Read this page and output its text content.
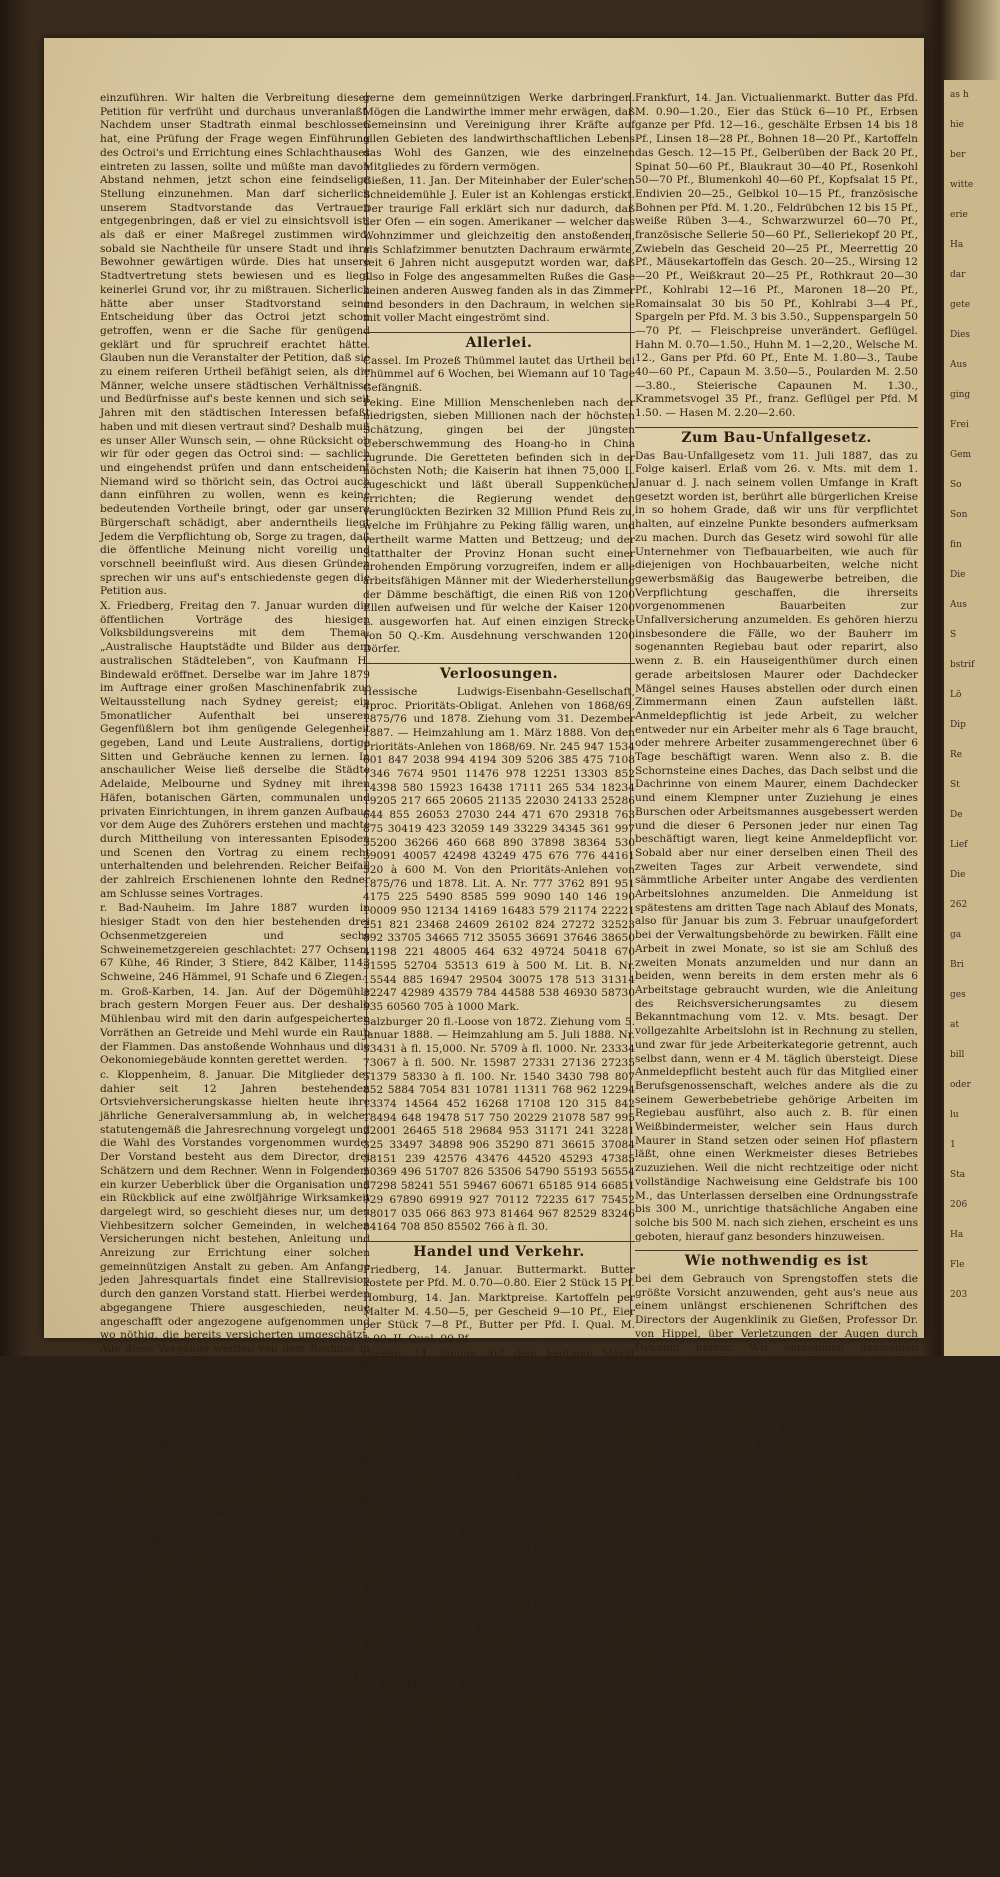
as h
hie
ber
witte
erie
Ha
dar
gete
Dies
Aus
ging
Frei
Gem
So
Son
fin
Die
Aus
S
bstrif
Lö
Dip
Re
St
De
Lief
Die
262
ga
Bri
ges
at
bill
oder
lu
1
Sta
206
Ha
Fle
203

einzuführen. Wir halten die Verbreitung dieser Petition für verfrüht und durchaus unveranlaßt. Nachdem unser Stadtrath einmal beschlossen hat, eine Prüfung der Frage wegen Einführung des Octroi's und Errichtung eines Schlachthauses eintreten zu lassen, sollte und müßte man davon Abstand nehmen, jetzt schon eine feindselige Stellung einzunehmen. Man darf sicherlich unserem Stadtvorstande das Vertrauen entgegenbringen, daß er viel zu einsichtsvoll ist, als daß er einer Maßregel zustimmen wird, sobald sie Nachtheile für unsere Stadt und ihre Bewohner gewärtigen würde. Dies hat unsere Stadtvertretung stets bewiesen und es liegt keinerlei Grund vor, ihr zu mißtrauen. Sicherlich hätte aber unser Stadtvorstand seine Entscheidung über das Octroi jetzt schon getroffen, wenn er die Sache für genügend geklärt und für spruchreif erachtet hätte. Glauben nun die Veranstalter der Petition, daß sie zu einem reiferen Urtheil befähigt seien, als die Männer, welche unsere städtischen Verhältnisse und Bedürfnisse auf's beste kennen und sich seit Jahren mit den städtischen Interessen befaßt haben und mit diesen vertraut sind? Deshalb muß es unser Aller Wunsch sein, — ohne Rücksicht ob wir für oder gegen das Octroi sind: — sachlich und eingehendst prüfen und dann entscheiden! Niemand wird so thöricht sein, das Octroi auch dann einführen zu wollen, wenn es keine bedeutenden Vortheile bringt, oder gar unsere Bürgerschaft schädigt, aber anderntheils liegt Jedem die Verpflichtung ob, Sorge zu tragen, daß die öffentliche Meinung nicht voreilig und vorschnell beeinflußt wird. Aus diesen Gründen sprechen wir uns auf's entschiedenste gegen die Petition aus.

X. Friedberg, Freitag den 7. Januar wurden die öffentlichen Vorträge des hiesigen Volksbildungsvereins mit dem Thema: „Australische Hauptstädte und Bilder aus dem australischen Städteleben“, von Kaufmann H. Bindewald eröffnet. Derselbe war im Jahre 1879 im Auftrage einer großen Maschinenfabrik zur Weltausstellung nach Sydney gereist; ein 5monatlicher Aufenthalt bei unseren Gegenfüßlern bot ihm genügende Gelegenheit gegeben, Land und Leute Australiens, dortige Sitten und Gebräuche kennen zu lernen. In anschaulicher Weise ließ derselbe die Städte Adelaide, Melbourne und Sydney mit ihren Häfen, botanischen Gärten, communalen und privaten Einrichtungen, in ihrem ganzen Aufbaue vor dem Auge des Zuhörers erstehen und machte durch Mittheilung von interessanten Episoden und Scenen den Vortrag zu einem recht unterhaltenden und belehrenden. Reicher Beifall der zahlreich Erschienenen lohnte den Redner am Schlusse seines Vortrages.

r. Bad-Nauheim. Im Jahre 1887 wurden in hiesiger Stadt von den hier bestehenden drei Ochsenmetzgereien und sechs Schweinemetzgereien geschlachtet: 277 Ochsen, 67 Kühe, 46 Rinder, 3 Stiere, 842 Kälber, 1143 Schweine, 246 Hämmel, 91 Schafe und 6 Ziegen.

m. Groß-Karben, 14. Jan. Auf der Dögemühle brach gestern Morgen Feuer aus. Der deshalb Mühlenbau wird mit den darin aufgespeicherten Vorräthen an Getreide und Mehl wurde ein Raub der Flammen. Das anstoßende Wohnhaus und die Oekonomiegebäude konnten gerettet werden.

c. Kloppenheim, 8. Januar. Die Mitglieder der dahier seit 12 Jahren bestehenden Ortsviehversicherungskasse hielten heute ihre jährliche Generalversammlung ab, in welcher statutengemäß die Jahresrechnung vorgelegt und die Wahl des Vorstandes vorgenommen wurde. Der Vorstand besteht aus dem Director, drei Schätzern und dem Rechner. Wenn in Folgendem ein kurzer Ueberblick über die Organisation und ein Rückblick auf eine zwölfjährige Wirksamkeit dargelegt wird, so geschieht dieses nur, um den Viehbesitzern solcher Gemeinden, in welchen Versicherungen nicht bestehen, Anleitung und Anreizung zur Errichtung einer solchen gemeinnützigen Anstalt zu geben. Am Anfange jeden Jahresquartals findet eine Stallrevision durch den ganzen Vorstand statt. Hierbei werden abgegangene Thiere ausgeschieden, neue angeschafft oder angezogene aufgenommen und wo nöthig, die bereits versicherten umgeschätzt. Alle diese Vorgänge werden von dem Rechner in dem Gesammt-Verzeichniß vermerkt. Jeder Versicherte hat einen Auszug aus diesem Hauptverzeichniß in Händen, in welchem er seine einzelnen Thiere, nach Art, Farbe und sonstigen Kennzeichen, Alter und Schätzungswerth ausgezeichnet findet. Auf Grund dieser Quartalschätzung wird das Heberegister von dem Rechner aufgestellt und dem Director angemeldet. Diese Einrichtung der Vorerhebung empfiehlt sich deßwegen, weil dann immer Geld in der Kasse ist und Schadenfälle sofort bezahlt werden können. Nacherhebungen führen zu Unzuträglichkeiten. Die während des Quartals angeschafften Thiere werden sofort aufgenommen. Die Schadenfälle werden durch den Vorstand geregelt; bei einem Totalschaden werden 4/5 des im Hauptverzeichniß stehenden Taxationswerthes ausbezahlt, desgleichen bei Thieren, welche wegen Unheilbarkeit zu Gunsten der Kasse verwerthet werden müssen. Rechts-Streitigkeiten sind statutenmäßig ausgeschlossen. Nach einer zwölfjährigen Erfahrung haben wir alle Schäden prompt berichtigt durch vierteljährige Erhebung von 1/2 Procent der Versicherungs-Summe, also jährlich 2 Procent und dabei hatten wir immer einen Kassenvorrath, der verzinslich angelegt ist. Es ist gewiß ein geringer Betrag sich durch Zahlung von jährlich 2 Procent vor größeren Verlusten zu versichern und, sofern man selbst keinen Schaden erlitten, ein gern gebrachtes Opfer, um den Verlust seines Versicherungsgenossen mittragen zu helfen. Die Geschäfte des Vorstandes mit Ausnahme des Rechners, der für die Besorgung der schriftlichen Arbeiten, Erhebung der Beiträge u. s. w. jährlich 20 Mark erhält, werden unentgeltlich besorgt. Ehre diesen Männern, die Zeit und Mühe

gerne dem gemeinnützigen Werke darbringen. Mögen die Landwirthe immer mehr erwägen, daß Gemeinsinn und Vereinigung ihrer Kräfte auf allen Gebieten des landwirthschaftlichen Lebens das Wohl des Ganzen, wie des einzelnen Mitgliedes zu fördern vermögen.

Gießen, 11. Jan. Der Miteinhaber der Euler'schen Schneidemühle J. Euler ist an Kohlengas erstickt. Der traurige Fall erklärt sich nur dadurch, daß der Ofen — ein sogen. Amerikaner — welcher das Wohnzimmer und gleichzeitig den anstoßenden, als Schlafzimmer benutzten Dachraum erwärmte, seit 6 Jahren nicht ausgeputzt worden war, daß also in Folge des angesammelten Rußes die Gase keinen anderen Ausweg fanden als in das Zimmer und besonders in den Dachraum, in welchen sie mit voller Macht eingeströmt sind.

Allerlei.

Cassel. Im Prozeß Thümmel lautet das Urtheil bei Thümmel auf 6 Wochen, bei Wiemann auf 10 Tage Gefängniß.

Peking. Eine Million Menschenleben nach der niedrigsten, sieben Millionen nach der höchsten Schätzung, gingen bei der jüngsten Ueberschwemmung des Hoang-ho in China zugrunde. Die Geretteten befinden sich in der höchsten Noth; die Kaiserin hat ihnen 75,000 L. zugeschickt und läßt überall Suppenküchen errichten; die Regierung wendet den verunglückten Bezirken 32 Million Pfund Reis zu, welche im Frühjahre zu Peking fällig waren, und vertheilt warme Matten und Bettzeug; und der Statthalter der Provinz Honan sucht einer drohenden Empörung vorzugreifen, indem er alle arbeitsfähigen Männer mit der Wiederherstellung der Dämme beschäftigt, die einen Riß von 1200 Ellen aufweisen und für welche der Kaiser 1200 L. ausgeworfen hat. Auf einen einzigen Strecke von 50 Q.-Km. Ausdehnung verschwanden 1200 Dörfer.

Verloosungen.

Hessische Ludwigs-Eisenbahn-Gesellschaft, 4proc. Prioritäts-Obligat. Anlehen von 1868/69, 1875/76 und 1878. Ziehung vom 31. Dezember 1887. — Heimzahlung am 1. März 1888. Von den Prioritäts-Anlehen von 1868/69. Nr. 245 947 1534 601 847 2038 994 4194 309 5206 385 475 7108 7346 7674 9501 11476 978 12251 13303 852 14398 580 15923 16438 17111 265 534 18234 19205 217 665 20605 21135 22030 24133 25286 644 855 26053 27030 244 471 670 29318 763 875 30419 423 32059 149 33229 34345 361 997 35200 36266 460 668 890 37898 38364 530 39091 40057 42498 43249 475 676 776 44161 520 à 600 M. Von den Prioritäts-Anlehen von 1875/76 und 1878. Lit. A. Nr. 777 3762 891 951 4175 225 5490 8585 599 9090 140 146 190 10009 950 12134 14169 16483 579 21174 22221 251 821 23468 24609 26102 824 27272 32523 892 33705 34665 712 35055 36691 37646 38650 41198 221 48005 464 632 49724 50418 670 51595 52704 53513 619 à 500 M. Lit. B. Nr. 15544 885 16947 29504 30075 178 513 31314 32247 42989 43579 784 44588 538 46930 58730 935 60560 705 à 1000 Mark.

Salzburger 20 fl.-Loose von 1872. Ziehung vom 5. Januar 1888. — Heimzahlung am 5. Juli 1888. Nr. 53431 à fl. 15,000. Nr. 5709 à fl. 1000. Nr. 23334 73067 à fl. 500. Nr. 15987 27331 27136 27235 51379 58330 à fl. 100. Nr. 1540 3430 798 807 852 5884 7054 831 10781 11311 768 962 12294 13374 14564 452 16268 17108 120 315 842 18494 648 19478 517 750 20229 21078 587 995 22001 26465 518 29684 953 31171 241 32281 325 33497 34898 906 35290 871 36615 37084 38151 239 42576 43476 44520 45293 47385 50369 496 51707 826 53506 54790 55193 56554 57298 58241 551 59467 60671 65185 914 66851 929 67890 69919 927 70112 72235 617 75452 78017 035 066 863 973 81464 967 82529 83246 84164 708 850 85502 766 à fl. 30.

Handel und Verkehr.

Friedberg, 14. Januar. Buttermarkt. Butter kostete per Pfd. M. 0.70—0.80. Eier 2 Stück 15 Pf.

Homburg, 14. Jan. Marktpreise. Kartoffeln per Malter M. 4.50—5, per Gescheid 9—10 Pf., Eier per Stück 7—8 Pf., Butter per Pfd. I. Qual. M. 1.00, II. Qual. 90 Pf.

Gießen, 14. Januar. Auf dem heutigen Markt kostete Butter per Pfd. M. 0.70—0.80, Eier per St. 7—8 Pf., Käse per St. 4—7 Pf., Tauben per Paar 0.50—0.70 M., Hühner per St. M. 0.90—1.30, Hahnen per St. M. 1.20 bis 1.50, Enten per St. M. 1.40—1.80, Gänse per Pfd. 50—60 Pf., Ochsenfleisch per Pfd. 58—60 Pf., Kuh- und Rindfleisch 45—50 Pf., Schweinefleisch 58 bis 60 Pf., Hammelfleisch 40—60 Pf., Kalbfleisch 40—48 Pf., Kartoffeln per 100 Kilo M. 4.00—4.80, Weißkraut Stück 5—10 Pf., Zwiebeln per Ctr. M. 8.00—10.00.

Frankfurt, 12. Jan. Der heutige Kälbermarkt war von 443 Kälbern befahren. Die Preise für 1 Pfd. Schlachtgewicht waren 45—55 Pf.

Frankfurt, 13. Jan. Heu- und Strohmarkt. Heu kosteten 100 Kilo M. 7.20—8, Stroh 100 Kilo M. 4.70 bis 4.90. — Victualien-Engrosmarkt. Butter 50 Kilo M. 80 bis 90., Eier das Hundert M. 5.50—9., Kartoffeln 100 Kilo M. 5—5.50., Mäusekartoffeln 50 Kilo M. 12—15., Erbsen 100 Kilo M. 18—21.50., geschälte M. 20—30., Linsen M. 28—45., Bohnen M. 21—25., Weißkraut 50 Kilo M. 7—8., Zwiebeln 50 Kilo M. 9—10., Mohrrüben 50 Kilo M. 6—8., Kastanien M. 12—15., Maronen M. 18., Blumenkohl das Hundert M. 30—50., Knoblauch 100 Stück M. 2.80., Orangen 100 Stück M. 8—10., Citronen 100 Stück M. 10—12., hiesige Spargeln per das Pfd. M. 3—3.50., Suppenspargeln 50—70 Pf., Meerrettig 100 Stück M. 15.

Frankfurt, 14. Jan. Victualienmarkt. Butter das Pfd. M. 0.90—1.20., Eier das Stück 6—10 Pf., Erbsen ganze per Pfd. 12—16., geschälte Erbsen 14 bis 18 Pf., Linsen 18—28 Pf., Bohnen 18—20 Pf., Kartoffeln das Gesch. 12—15 Pf., Gelberüben der Back 20 Pf., Spinat 50—60 Pf., Blaukraut 30—40 Pf., Rosenkohl 50—70 Pf., Blumenkohl 40—60 Pf., Kopfsalat 15 Pf., Endivien 20—25., Gelbkol 10—15 Pf., französische Bohnen per Pfd. M. 1.20., Feldrübchen 12 bis 15 Pf., weiße Rüben 3—4., Schwarzwurzel 60—70 Pf., französische Sellerie 50—60 Pf., Selleriekopf 20 Pf., Zwiebeln das Gescheid 20—25 Pf., Meerrettig 20 Pf., Mäusekartoffeln das Gesch. 20—25., Wirsing 12—20 Pf., Weißkraut 20—25 Pf., Rothkraut 20—30 Pf., Kohlrabi 12—16 Pf., Maronen 18—20 Pf., Romainsalat 30 bis 50 Pf., Kohlrabi 3—4 Pf., Spargeln per Pfd. M. 3 bis 3.50., Suppenspargeln 50—70 Pf. — Fleischpreise unverändert. Geflügel. Hahn M. 0.70—1.50., Huhn M. 1—2,20., Welsche M. 12., Gans per Pfd. 60 Pf., Ente M. 1.80—3., Taube 40—60 Pf., Capaun M. 3.50—5., Poularden M. 2.50—3.80., Steierische Capaunen M. 1.30., Krammetsvogel 35 Pf., franz. Geflügel per Pfd. M 1.50. — Hasen M. 2.20—2.60.

Zum Bau-Unfallgesetz.

Das Bau-Unfallgesetz vom 11. Juli 1887, das zu Folge kaiserl. Erlaß vom 26. v. Mts. mit dem 1. Januar d. J. nach seinem vollen Umfange in Kraft gesetzt worden ist, berührt alle bürgerlichen Kreise in so hohem Grade, daß wir uns für verpflichtet halten, auf einzelne Punkte besonders aufmerksam zu machen. Durch das Gesetz wird sowohl für alle Unternehmer von Tiefbauarbeiten, wie auch für diejenigen von Hochbauarbeiten, welche nicht gewerbsmäßig das Baugewerbe betreiben, die Verpflichtung geschaffen, die ihrerseits vorgenommenen Bauarbeiten zur Unfallversicherung anzumelden. Es gehören hierzu insbesondere die Fälle, wo der Bauherr im sogenannten Regiebau baut oder reparirt, also wenn z. B. ein Hauseigenthümer durch einen gerade arbeitslosen Maurer oder Dachdecker Mängel seines Hauses abstellen oder durch einen Zimmermann einen Zaun aufstellen läßt. Anmeldepflichtig ist jede Arbeit, zu welcher entweder nur ein Arbeiter mehr als 6 Tage braucht, oder mehrere Arbeiter zusammengerechnet über 6 Tage beschäftigt waren. Wenn also z. B. die Schornsteine eines Daches, das Dach selbst und die Dachrinne von einem Maurer, einem Dachdecker und einem Klempner unter Zuziehung je eines Burschen oder Arbeitsmannes ausgebessert werden und die dieser 6 Personen jeder nur einen Tag beschäftigt waren, liegt keine Anmeldepflicht vor. Sobald aber nur einer derselben einen Theil des zweiten Tages zur Arbeit verwendete, sind sämmtliche Arbeiter unter Angabe des verdienten Arbeitslohnes anzumelden. Die Anmeldung ist spätestens am dritten Tage nach Ablauf des Monats, also für Januar bis zum 3. Februar unaufgefordert bei der Verwaltungsbehörde zu bewirken. Fällt eine Arbeit in zwei Monate, so ist sie am Schluß des zweiten Monats anzumelden und nur dann an beiden, wenn bereits in dem ersten mehr als 6 Arbeitstage gebraucht wurden, wie die Anleitung des Reichsversicherungsamtes zu diesem Bekanntmachung vom 12. v. Mts. besagt. Der vollgezahlte Arbeitslohn ist in Rechnung zu stellen, und zwar für jede Arbeiterkategorie getrennt, auch selbst dann, wenn er 4 M. täglich übersteigt. Diese Anmeldepflicht besteht auch für das Mitglied einer Berufsgenossenschaft, welches andere als die zu seinem Gewerbebetriebe gehörige Arbeiten im Regiebau ausführt, also auch z. B. für einen Weißbindermeister, welcher sein Haus durch Maurer in Stand setzen oder seinen Hof pflastern läßt, ohne einen Werkmeister dieses Betriebes zuzuziehen. Weil die nicht rechtzeitige oder nicht vollständige Nachweisung eine Geldstrafe bis 100 M., das Unterlassen derselben eine Ordnungsstrafe bis 300 M., unrichtige thatsächliche Angaben eine solche bis 500 M. nach sich ziehen, erscheint es uns geboten, hierauf ganz besonders hinzuweisen.

Wie nothwendig es ist

bei dem Gebrauch von Sprengstoffen stets die größte Vorsicht anzuwenden, geht aus's neue aus einem unlängst erschienenen Schriftchen des Directors der Augenklinik zu Gießen, Professor Dr. von Hippel, über Verletzungen der Augen durch Dynamit hervor. Wir entnehmen demselben folgende Mittheilungen, deren Beachtung wir allen denjenigen, welche sich mit Sprengarbeiten beschäftigen, namentlich also den Berg- und Steinbruchs-Arbeitern, dringend empfehlen. Professor Dr. v. Hippel schreibt: Vom Jahre 1880—1886 kamen in meiner Klinik 20 Fälle von 70 Dynamitverletzungen der Augen zur Aufnahme, und zwar 17 doppelseitige und 3 einseitige. 19mal handelte es sich um Bergleute, welche meist beim Sprengen von Gesteine im Schacht verunglückt waren, einmal um einen ländlichen Arbeiter, der den fest in der Erde haftenden Stumpf eines alten Baumes durch Dynamit hatte beseitigen wollen; alle Patienten standen im besten Mannesalter. Obgleich die Bergpolizei-Verordnungen Anweisungen über die Aufbewahrung und Verwendung des Dynamits, sowie die dabei zu beobachtenden Vorsichtsmaßregeln geben, scheinen dieselben den Bergleuten zum Theil nicht ausreichend bekannt gemacht und eingeschärft zu werden; einige meiner Patienten behaupteten wenigstens auf das bestimmteste, von den bezüglichen Vorschriften nie etwas gehört zu haben. Die Mehrzahl hatte die Verletzung allerdings wohl nur eigener großer Unvorsichtigkeit zuzuschreiben. Im 13 Fällen erfolgte dieselbe dadurch, daß die in das Bohrloch gesteckte Zündschnur etwas langsamer als gewöhnlich weiter brannte, und die Bergleute in der Meinung, dieselbe wäre erloschen, sich vorsichtig dem Bohrloch näherten, um eine neue Schnur
